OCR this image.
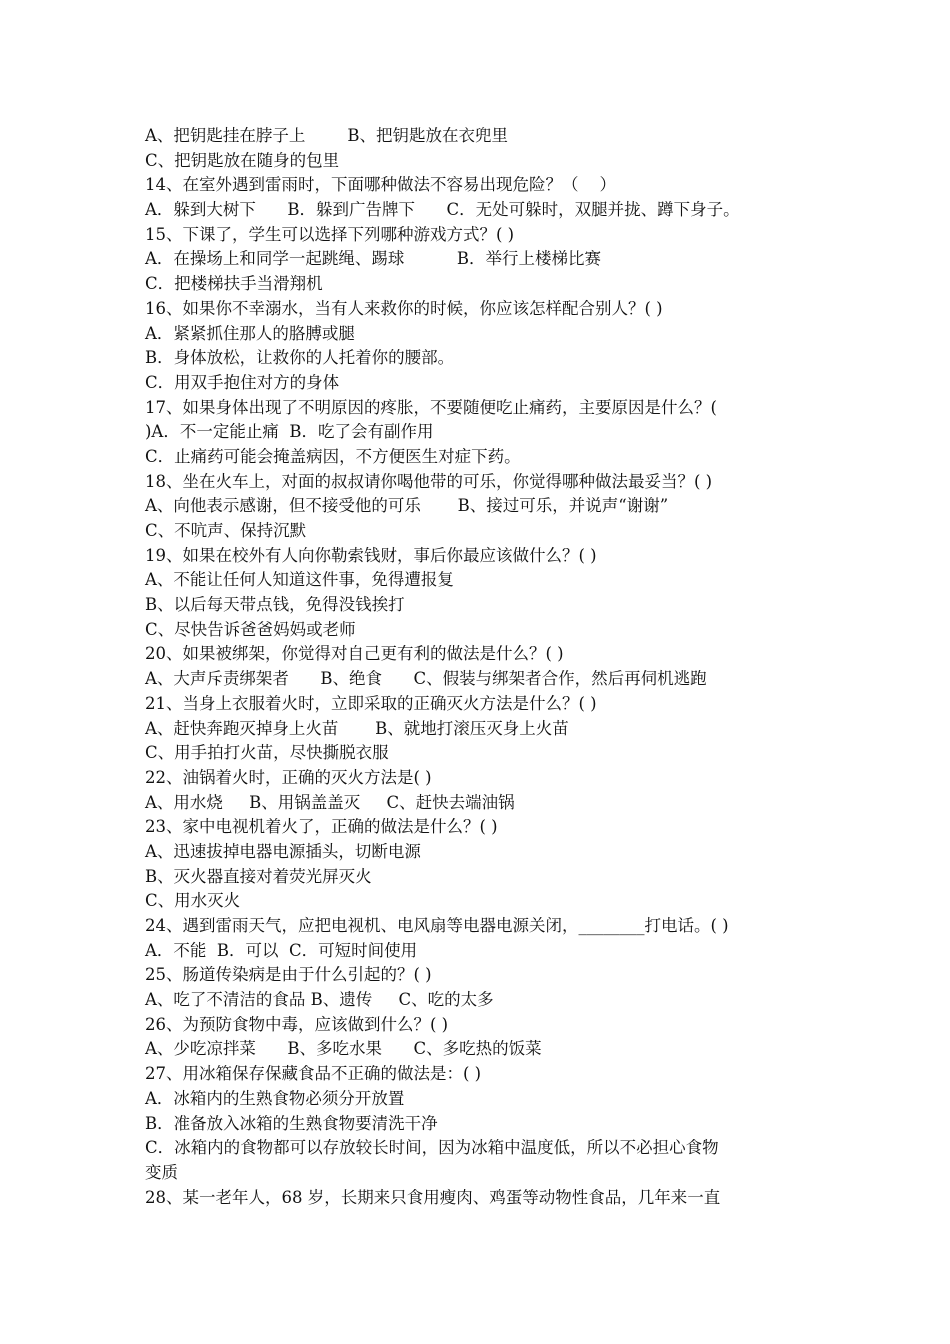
A、把钥匙挂在脖子上        B、把钥匙放在衣兜里
C、把钥匙放在随身的包里
14、在室外遇到雷雨时，下面哪种做法不容易出现危险？（    ）
A．躲到大树下      B．躲到广告牌下      C．无处可躲时，双腿并拢、蹲下身子。
15、下课了，学生可以选择下列哪种游戏方式？( )
A．在操场上和同学一起跳绳、踢球          B．举行上楼梯比赛
C．把楼梯扶手当滑翔机
16、如果你不幸溺水，当有人来救你的时候，你应该怎样配合别人？( )
A．紧紧抓住那人的胳膊或腿
B．身体放松，让救你的人托着你的腰部。
C．用双手抱住对方的身体
17、如果身体出现了不明原因的疼胀，不要随便吃止痛药，主要原因是什么？(
)A．不一定能止痛  B．吃了会有副作用
C．止痛药可能会掩盖病因，不方便医生对症下药。
18、坐在火车上，对面的叔叔请你喝他带的可乐，你觉得哪种做法最妥当？( )
A、向他表示感谢，但不接受他的可乐       B、接过可乐，并说声“谢谢”
C、不吭声、保持沉默
19、如果在校外有人向你勒索钱财，事后你最应该做什么？( )
A、不能让任何人知道这件事，免得遭报复
B、以后每天带点钱，免得没钱挨打
C、尽快告诉爸爸妈妈或老师
20、如果被绑架，你觉得对自己更有利的做法是什么？( )
A、大声斥责绑架者      B、绝食      C、假装与绑架者合作，然后再伺机逃跑
21、当身上衣服着火时，立即采取的正确灭火方法是什么？( )
A、赶快奔跑灭掉身上火苗       B、就地打滚压灭身上火苗
C、用手拍打火苗，尽快撕脱衣服
22、油锅着火时，正确的灭火方法是( )
A、用水烧     B、用锅盖盖灭     C、赶快去端油锅
23、家中电视机着火了，正确的做法是什么？( )
A、迅速拔掉电器电源插头，切断电源
B、灭火器直接对着荧光屏灭火
C、用水灭火
24、遇到雷雨天气，应把电视机、电风扇等电器电源关闭，________打电话。( )
A．不能  B．可以  C．可短时间使用
25、肠道传染病是由于什么引起的？( )
A、吃了不清洁的食品 B、遗传     C、吃的太多
26、为预防食物中毒，应该做到什么？( )
A、少吃凉拌菜      B、多吃水果      C、多吃热的饭菜
27、用冰箱保存保藏食品不正确的做法是：( )
A．冰箱内的生熟食物必须分开放置
B．准备放入冰箱的生熟食物要清洗干净
C．冰箱内的食物都可以存放较长时间，因为冰箱中温度低，所以不必担心食物
变质
28、某一老年人，68 岁，长期来只食用瘦肉、鸡蛋等动物性食品，几年来一直
